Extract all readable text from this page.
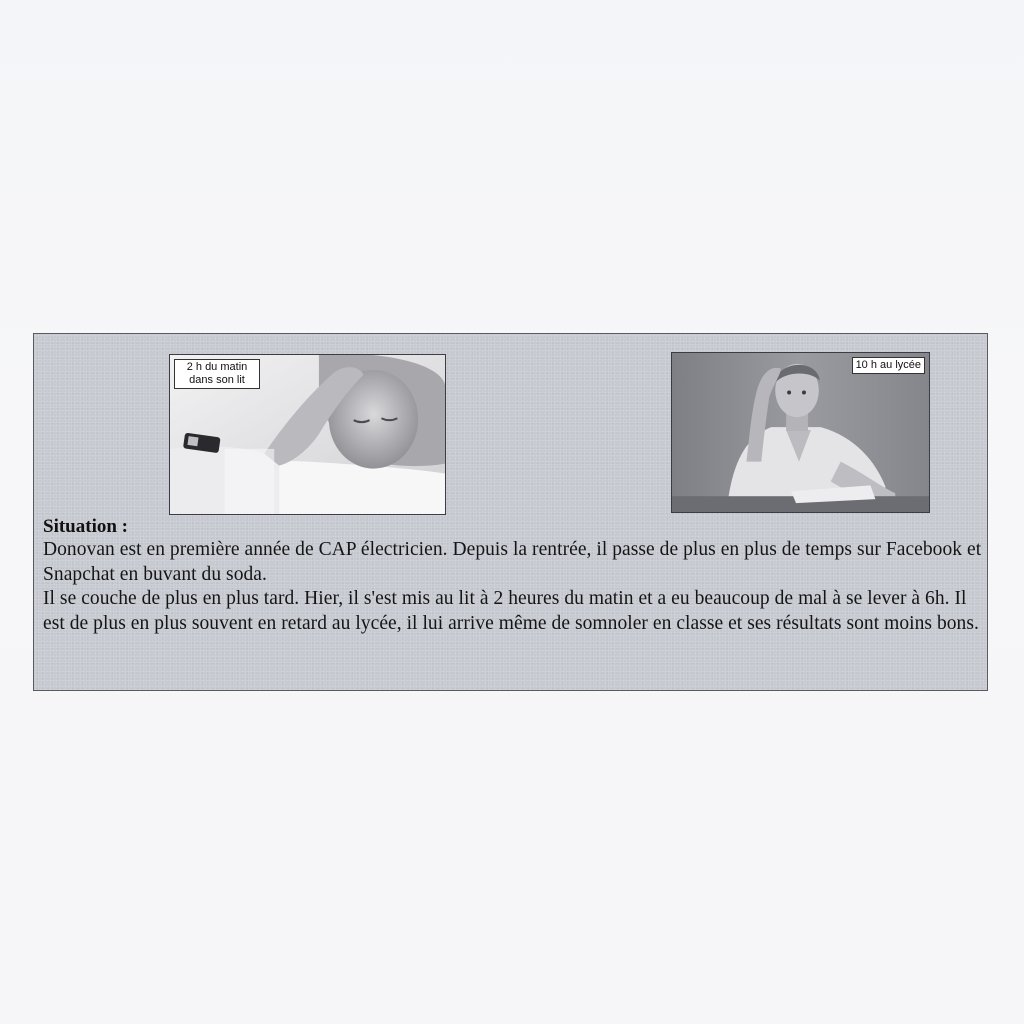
2 h du matin
dans son lit
10 h au lycée
Situation :

Donovan est en première année de CAP électricien. Depuis la rentrée, il passe de plus en plus de temps sur Facebook et Snapchat en buvant du soda.

Il se couche de plus en plus tard. Hier, il s'est mis au lit à 2 heures du matin et a eu beaucoup de mal à se lever à 6h. Il est de plus en plus souvent en retard au lycée, il lui arrive même de somnoler en classe et ses résultats sont moins bons.
